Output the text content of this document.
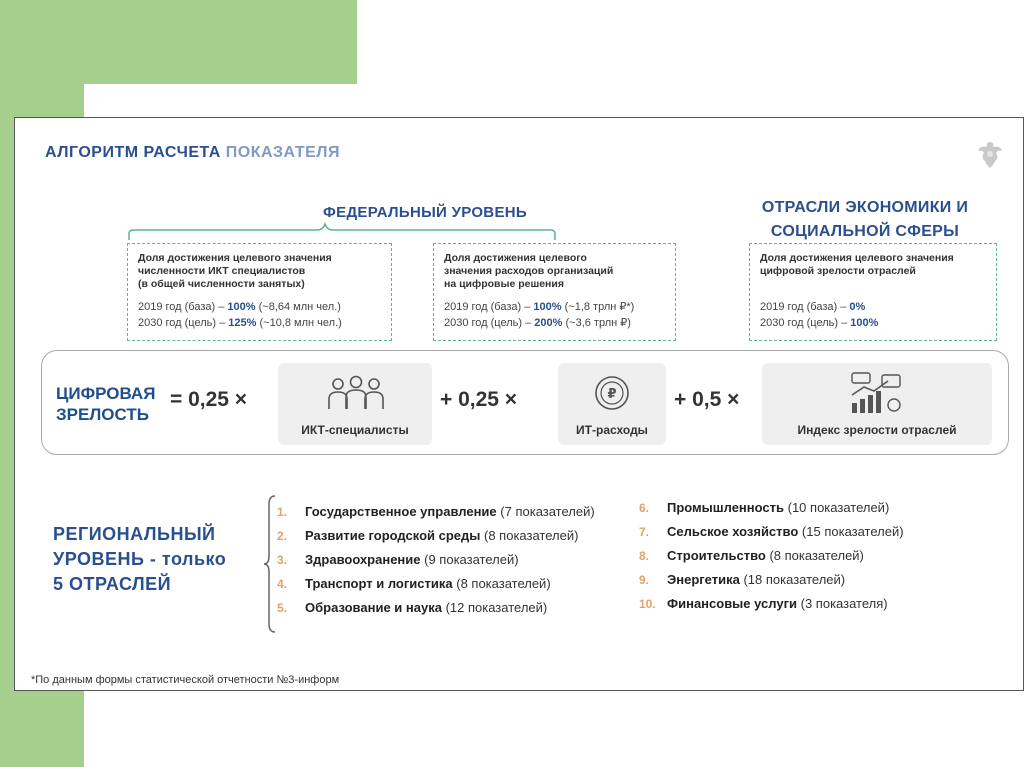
АЛГОРИТМ РАСЧЕТА ПОКАЗАТЕЛЯ
ФЕДЕРАЛЬНЫЙ УРОВЕНЬ	ОТРАСЛИ ЭКОНОМИКИ И
СОЦИАЛЬНОЙ СФЕРЫ
Доля достижения целевого значения
численности ИКТ специалистов
(в общей численности занятых)
2019 год (база) – 100% (~8,64 млн чел.)
2030 год (цель) – 125% (~10,8 млн чел.)
Доля достижения целевого
значения расходов организаций
на цифровые решения
2019 год (база) – 100% (~1,8 трлн ₽*)
2030 год (цель) – 200% (~3,6 трлн ₽)
Доля достижения целевого значения
цифровой зрелости отраслей
2019 год (база) – 0%
2030 год (цель) – 100%
ЦИФРОВАЯ
ЗРЕЛОСТЬ
= 0,25 ×
ИКТ-специалисты
+ 0,25 ×	₽
ИТ-расходы
+ 0,5 ×
Индекс зрелости отраслей
РЕГИОНАЛЬНЫЙ
УРОВЕНЬ - только
5 ОТРАСЛЕЙ
1. Государственное управление (7 показателей)
2. Развитие городской среды (8 показателей)
3. Здравоохранение (9 показателей)
4. Транспорт и логистика (8 показателей)
5. Образование и наука (12 показателей)
6. Промышленность (10 показателей)
7. Сельское хозяйство (15 показателей)
8. Строительство (8 показателей)
9. Энергетика (18 показателей)
10. Финансовые услуги (3 показателя)
*По данным формы статистической отчетности №3-информ
